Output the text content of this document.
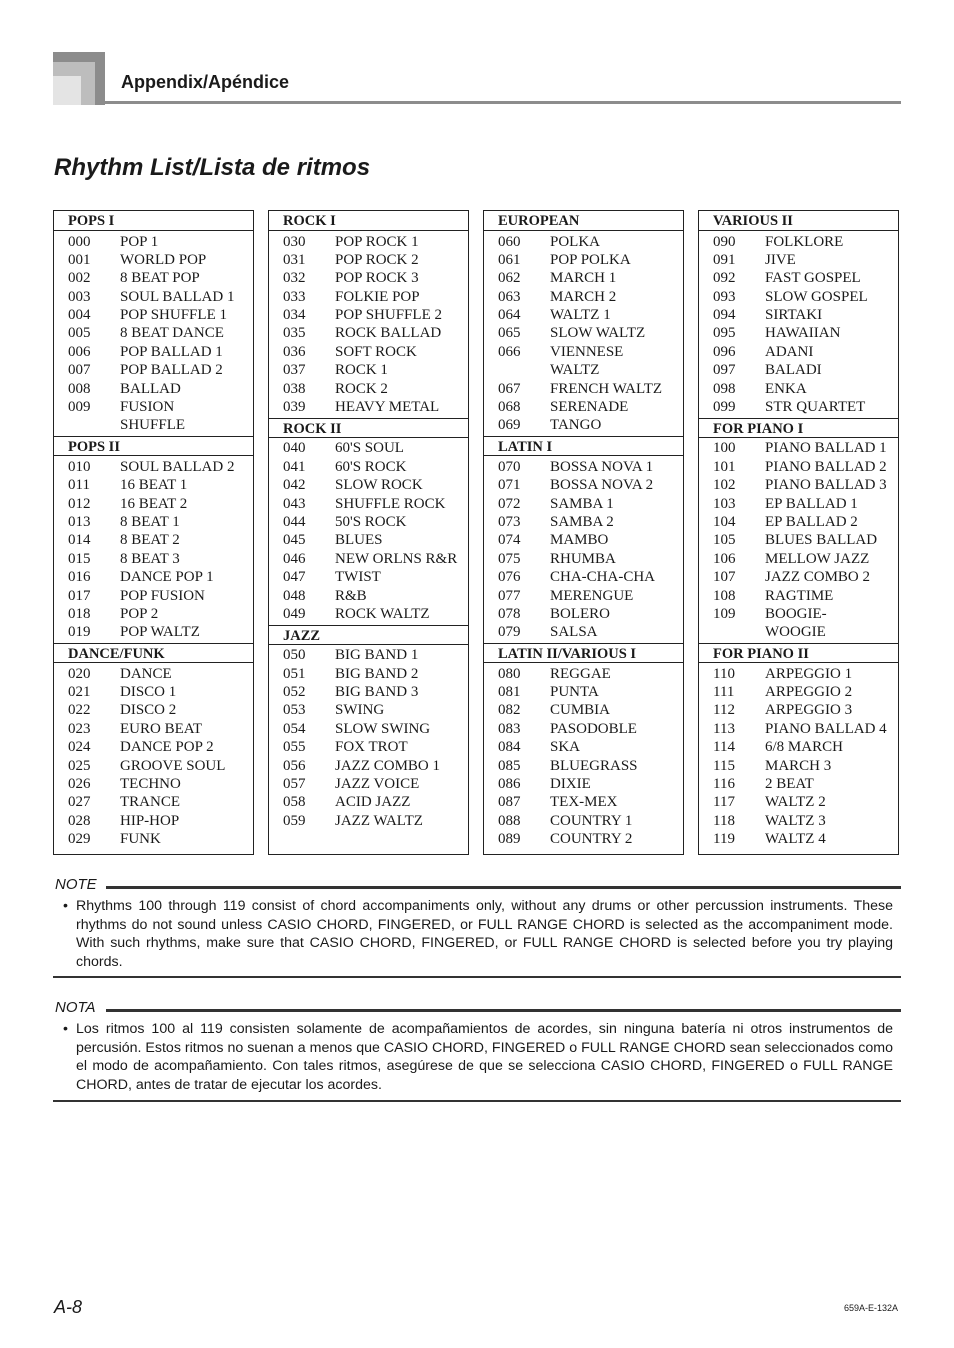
Appendix/Apéndice
Rhythm List/Lista de ritmos
POPS I
000	POP 1
001	WORLD POP
002	8 BEAT POP
003	SOUL BALLAD 1
004	POP SHUFFLE 1
005	8 BEAT DANCE
006	POP BALLAD 1
007	POP BALLAD 2
008	BALLAD
009	FUSION
SHUFFLE
POPS II
010	SOUL BALLAD 2
011	16 BEAT 1
012	16 BEAT 2
013	8 BEAT 1
014	8 BEAT 2
015	8 BEAT 3
016	DANCE POP 1
017	POP FUSION
018	POP 2
019	POP WALTZ
DANCE/FUNK
020	DANCE
021	DISCO 1
022	DISCO 2
023	EURO BEAT
024	DANCE POP 2
025	GROOVE SOUL
026	TECHNO
027	TRANCE
028	HIP-HOP
029	FUNK
ROCK I
030	POP ROCK 1
031	POP ROCK 2
032	POP ROCK 3
033	FOLKIE POP
034	POP SHUFFLE 2
035	ROCK BALLAD
036	SOFT ROCK
037	ROCK 1
038	ROCK 2
039	HEAVY METAL
ROCK II
040	60'S SOUL
041	60'S ROCK
042	SLOW ROCK
043	SHUFFLE ROCK
044	50'S ROCK
045	BLUES
046	NEW ORLNS R&R
047	TWIST
048	R&B
049	ROCK WALTZ
JAZZ
050	BIG BAND 1
051	BIG BAND 2
052	BIG BAND 3
053	SWING
054	SLOW SWING
055	FOX TROT
056	JAZZ COMBO 1
057	JAZZ VOICE
058	ACID JAZZ
059	JAZZ WALTZ
EUROPEAN
060	POLKA
061	POP POLKA
062	MARCH 1
063	MARCH 2
064	WALTZ 1
065	SLOW WALTZ
066	VIENNESE
WALTZ
067	FRENCH WALTZ
068	SERENADE
069	TANGO
LATIN I
070	BOSSA NOVA 1
071	BOSSA NOVA 2
072	SAMBA 1
073	SAMBA 2
074	MAMBO
075	RHUMBA
076	CHA-CHA-CHA
077	MERENGUE
078	BOLERO
079	SALSA
LATIN II/VARIOUS I
080	REGGAE
081	PUNTA
082	CUMBIA
083	PASODOBLE
084	SKA
085	BLUEGRASS
086	DIXIE
087	TEX-MEX
088	COUNTRY 1
089	COUNTRY 2
VARIOUS II
090	FOLKLORE
091	JIVE
092	FAST GOSPEL
093	SLOW GOSPEL
094	SIRTAKI
095	HAWAIIAN
096	ADANI
097	BALADI
098	ENKA
099	STR QUARTET
FOR PIANO I
100	PIANO BALLAD 1
101	PIANO BALLAD 2
102	PIANO BALLAD 3
103	EP BALLAD 1
104	EP BALLAD 2
105	BLUES BALLAD
106	MELLOW JAZZ
107	JAZZ COMBO 2
108	RAGTIME
109	BOOGIE-
WOOGIE
FOR PIANO II
110	ARPEGGIO 1
111	ARPEGGIO 2
112	ARPEGGIO 3
113	PIANO BALLAD 4
114	6/8 MARCH
115	MARCH 3
116	2 BEAT
117	WALTZ 2
118	WALTZ 3
119	WALTZ 4
NOTE
• Rhythms 100 through 119 consist of chord accompaniments only, without any drums or other percussion instruments. These rhythms do not sound unless CASIO CHORD, FINGERED, or FULL RANGE CHORD is selected as the accompaniment mode. With such rhythms, make sure that CASIO CHORD, FINGERED, or FULL RANGE CHORD is selected before you try playing chords.
NOTA
• Los ritmos 100 al 119 consisten solamente de acompañamientos de acordes, sin ninguna batería ni otros instrumentos de percusión. Estos ritmos no suenan a menos que CASIO CHORD, FINGERED o FULL RANGE CHORD sean seleccionados como el modo de acompañamiento. Con tales ritmos, asegúrese de que se selecciona CASIO CHORD, FINGERED o FULL RANGE CHORD, antes de tratar de ejecutar los acordes.
A-8	659A-E-132A
